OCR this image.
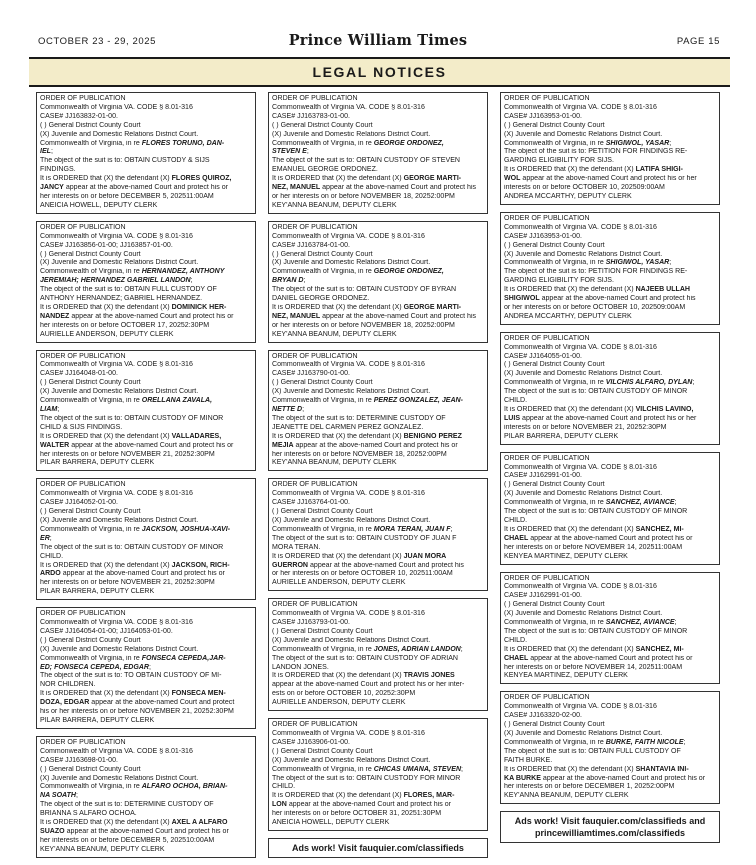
OCTOBER 23 - 29, 2025	Prince William Times	PAGE 15
LEGAL NOTICES
ORDER OF PUBLICATION
Commonwealth of Virginia VA. CODE § 8.01-316
CASE# JJ163832-01-00.
( ) General District County Court
(X) Juvenile and Domestic Relations District Court.
Commonwealth of Virginia, in re FLORES TORUNO, DAN-
IEL;
The object of the suit is to: OBTAIN CUSTODY & SIJS
FINDINGS.
It is ORDERED that (X) the defendant (X) FLORES QUIROZ,
JANCY appear at the above-named Court and protect his or
her interests on or before DECEMBER 5, 202511:00AM
ANEICIA HOWELL, DEPUTY CLERK
ORDER OF PUBLICATION
Commonwealth of Virginia VA. CODE § 8.01-316
CASE# JJ163856-01-00; JJ163857-01-00.
( ) General District County Court
(X) Juvenile and Domestic Relations District Court.
Commonwealth of Virginia, in re HERNANDEZ, ANTHONY
JEREMIAH; HERNANDEZ GABRIEL LANDON;
The object of the suit is to: OBTAIN FULL CUSTODY OF
ANTHONY HERNANDEZ; GABRIEL HERNANDEZ.
It is ORDERED that (X) the defendant (X) DOMINICK HER-
NANDEZ appear at the above-named Court and protect his or
her interests on or before OCTOBER 17, 20252:30PM
AURIELLE ANDERSON, DEPUTY CLERK
ORDER OF PUBLICATION
Commonwealth of Virginia VA. CODE § 8.01-316
CASE# JJ164048-01-00.
( ) General District County Court
(X) Juvenile and Domestic Relations District Court.
Commonwealth of Virginia, in re ORELLANA ZAVALA,
LIAM;
The object of the suit is to: OBTAIN CUSTODY OF MINOR
CHILD & SIJS FINDINGS.
It is ORDERED that (X) the defendant (X) VALLADARES,
WALTER appear at the above-named Court and protect his or
her interests on or before NOVEMBER 21, 20252:30PM
PILAR BARRERA, DEPUTY CLERK
ORDER OF PUBLICATION
Commonwealth of Virginia VA. CODE § 8.01-316
CASE# JJ164052-01-00.
( ) General District County Court
(X) Juvenile and Domestic Relations District Court.
Commonwealth of Virginia, in re JACKSON, JOSHUA-XAVI-
ER;
The object of the suit is to: OBTAIN CUSTODY OF MINOR
CHILD.
It is ORDERED that (X) the defendant (X) JACKSON, RICH-
ARDO appear at the above-named Court and protect his or
her interests on or before NOVEMBER 21, 20252:30PM
PILAR BARRERA, DEPUTY CLERK
ORDER OF PUBLICATION
Commonwealth of Virginia VA. CODE § 8.01-316
CASE# JJ164054-01-00; JJ164053-01-00.
( ) General District County Court
(X) Juvenile and Domestic Relations District Court.
Commonwealth of Virginia, in re FONSECA CEPEDA,JAR-
ED; FONSECA CEPEDA, EDGAR;
The object of the suit is to: TO OBTAIN CUSTODY OF MI-
NOR CHILDREN.
It is ORDERED that (X) the defendant (X) FONSECA MEN-
DOZA, EDGAR appear at the above-named Court and protect
his or her interests on or before NOVEMBER 21, 20252:30PM
PILAR BARRERA, DEPUTY CLERK
ORDER OF PUBLICATION
Commonwealth of Virginia VA. CODE § 8.01-316
CASE# JJ163698-01-00.
( ) General District County Court
(X) Juvenile and Domestic Relations District Court.
Commonwealth of Virginia, in re ALFARO OCHOA, BRIAN-
NA SOATH;
The object of the suit is to: DETERMINE CUSTODY OF
BRIANNA S ALFARO OCHOA.
It is ORDERED that (X) the defendant (X) AXEL A ALFARO
SUAZO appear at the above-named Court and protect his or
her interests on or before DECEMBER 5, 202510:00AM
KEY'ANNA BEANUM, DEPUTY CLERK
ORDER OF PUBLICATION
Commonwealth of Virginia VA. CODE § 8.01-316
CASE# JJ163783-01-00.
( ) General District County Court
(X) Juvenile and Domestic Relations District Court.
Commonwealth of Virginia, in re GEORGE ORDONEZ,
STEVEN E;
The object of the suit is to: OBTAIN CUSTODY OF STEVEN
EMANUEL GEORGE ORDONEZ.
It is ORDERED that (X) the defendant (X) GEORGE MARTI-
NEZ, MANUEL appear at the above-named Court and protect his
or her interests on or before NOVEMBER 18, 20252:00PM
KEY'ANNA BEANUM, DEPUTY CLERK
ORDER OF PUBLICATION
Commonwealth of Virginia VA. CODE § 8.01-316
CASE# JJ163784-01-00.
( ) General District County Court
(X) Juvenile and Domestic Relations District Court.
Commonwealth of Virginia, in re GEORGE ORDONEZ,
BRYAN D;
The object of the suit is to: OBTAIN CUSTODY OF BYRAN
DANIEL GEORGE ORDONEZ.
It is ORDERED that (X) the defendant (X) GEORGE MARTI-
NEZ, MANUEL appear at the above-named Court and protect his
or her interests on or before NOVEMBER 18, 20252:00PM
KEY'ANNA BEANUM, DEPUTY CLERK
ORDER OF PUBLICATION
Commonwealth of Virginia VA. CODE § 8.01-316
CASE# JJ163790-01-00.
( ) General District County Court
(X) Juvenile and Domestic Relations District Court.
Commonwealth of Virginia, in re PEREZ GONZALEZ, JEAN-
NETTE D;
The object of the suit is to: DETERMINE CUSTODY OF
JEANETTE DEL CARMEN PEREZ GONZALEZ.
It is ORDERED that (X) the defendant (X) BENIGNO PEREZ
MEJIA appear at the above-named Court and protect his or
her interests on or before NOVEMBER 18, 20252:00PM
KEY'ANNA BEANUM, DEPUTY CLERK
ORDER OF PUBLICATION
Commonwealth of Virginia VA. CODE § 8.01-316
CASE# JJ163764-01-00.
( ) General District County Court
(X) Juvenile and Domestic Relations District Court.
Commonwealth of Virginia, in re MORA TERAN, JUAN F;
The object of the suit is to: OBTAIN CUSTODY OF JUAN F
MORA TERAN.
It is ORDERED that (X) the defendant (X) JUAN MORA
GUERRON appear at the above-named Court and protect his
or her interests on or before OCTOBER 10, 202511:00AM
AURIELLE ANDERSON, DEPUTY CLERK
ORDER OF PUBLICATION
Commonwealth of Virginia VA. CODE § 8.01-316
CASE# JJ163793-01-00.
( ) General District County Court
(X) Juvenile and Domestic Relations District Court.
Commonwealth of Virginia, in re JONES, ADRIAN LANDON;
The object of the suit is to: OBTAIN CUSTODY OF ADRIAN
LANDON JONES.
It is ORDERED that (X) the defendant (X) TRAVIS JONES
appear at the above-named Court and protect his or her inter-
ests on or before OCTOBER 10, 20252:30PM
AURIELLE ANDERSON, DEPUTY CLERK
ORDER OF PUBLICATION
Commonwealth of Virginia VA. CODE § 8.01-316
CASE# JJ163906-01-00.
( ) General District County Court
(X) Juvenile and Domestic Relations District Court.
Commonwealth of Virginia, in re CHICAS UMANA, STEVEN;
The object of the suit is to: OBTAIN CUSTODY FOR MINOR
CHILD.
It is ORDERED that (X) the defendant (X) FLORES, MAR-
LON appear at the above-named Court and protect his or
her interests on or before OCTOBER 31, 20251:30PM
ANEICIA HOWELL, DEPUTY CLERK
Ads work! Visit fauquier.com/classifieds
ORDER OF PUBLICATION
Commonwealth of Virginia VA. CODE § 8.01-316
CASE# JJ163953-01-00.
( ) General District County Court
(X) Juvenile and Domestic Relations District Court.
Commonwealth of Virginia, in re SHIGIWOL, YASAR;
The object of the suit is to: PETITION FOR FINDINGS RE-
GARDING ELIGIBILITY FOR SIJS.
It is ORDERED that (X) the defendant (X) LATIFA SHIGI-
WOL appear at the above-named Court and protect his or her
interests on or before OCTOBER 10, 202509:00AM
ANDREA MCCARTHY, DEPUTY CLERK
ORDER OF PUBLICATION
Commonwealth of Virginia VA. CODE § 8.01-316
CASE# JJ163953-01-00.
( ) General District County Court
(X) Juvenile and Domestic Relations District Court.
Commonwealth of Virginia, in re SHIGIWOL, YASAR;
The object of the suit is to: PETITION FOR FINDINGS RE-
GARDING ELIGIBILITY FOR SIJS.
It is ORDERED that (X) the defendant (X) NAJEEB ULLAH
SHIGIWOL appear at the above-named Court and protect his
or her interests on or before OCTOBER 10, 202509:00AM
ANDREA MCCARTHY, DEPUTY CLERK
ORDER OF PUBLICATION
Commonwealth of Virginia VA. CODE § 8.01-316
CASE# JJ164055-01-00.
( ) General District County Court
(X) Juvenile and Domestic Relations District Court.
Commonwealth of Virginia, in re VILCHIS ALFARO, DYLAN;
The object of the suit is to: OBTAIN CUSTODY OF MINOR
CHILD.
It is ORDERED that (X) the defendant (X) VILCHIS LAVINO,
LUIS appear at the above-named Court and protect his or her
interests on or before NOVEMBER 21, 20252:30PM
PILAR BARRERA, DEPUTY CLERK
ORDER OF PUBLICATION
Commonwealth of Virginia VA. CODE § 8.01-316
CASE# JJ162991-01-00.
( ) General District County Court
(X) Juvenile and Domestic Relations District Court.
Commonwealth of Virginia, in re SANCHEZ, AVIANCE;
The object of the suit is to: OBTAIN CUSTODY OF MINOR
CHILD.
It is ORDERED that (X) the defendant (X) SANCHEZ, MI-
CHAEL appear at the above-named Court and protect his or
her interests on or before NOVEMBER 14, 202511:00AM
KENYEA MARTINEZ, DEPUTY CLERK
ORDER OF PUBLICATION
Commonwealth of Virginia VA. CODE § 8.01-316
CASE# JJ162991-01-00.
( ) General District County Court
(X) Juvenile and Domestic Relations District Court.
Commonwealth of Virginia, in re SANCHEZ, AVIANCE;
The object of the suit is to: OBTAIN CUSTODY OF MINOR
CHILD.
It is ORDERED that (X) the defendant (X) SANCHEZ, MI-
CHAEL appear at the above-named Court and protect his or
her interests on or before NOVEMBER 14, 202511:00AM
KENYEA MARTINEZ, DEPUTY CLERK
ORDER OF PUBLICATION
Commonwealth of Virginia VA. CODE § 8.01-316
CASE# JJ163320-02-00.
( ) General District County Court
(X) Juvenile and Domestic Relations District Court.
Commonwealth of Virginia, in re BURKE, FAITH NICOLE;
The object of the suit is to: OBTAIN FULL CUSTODY OF
FAITH BURKE.
It is ORDERED that (X) the defendant (X) SHANTAVIA INI-
KA BURKE appear at the above-named Court and protect his or
her interests on or before DECEMBER 1, 20252:00PM
KEY'ANNA BEANUM, DEPUTY CLERK
Ads work! Visit fauquier.com/classifieds and
princewilliamtimes.com/classifieds
